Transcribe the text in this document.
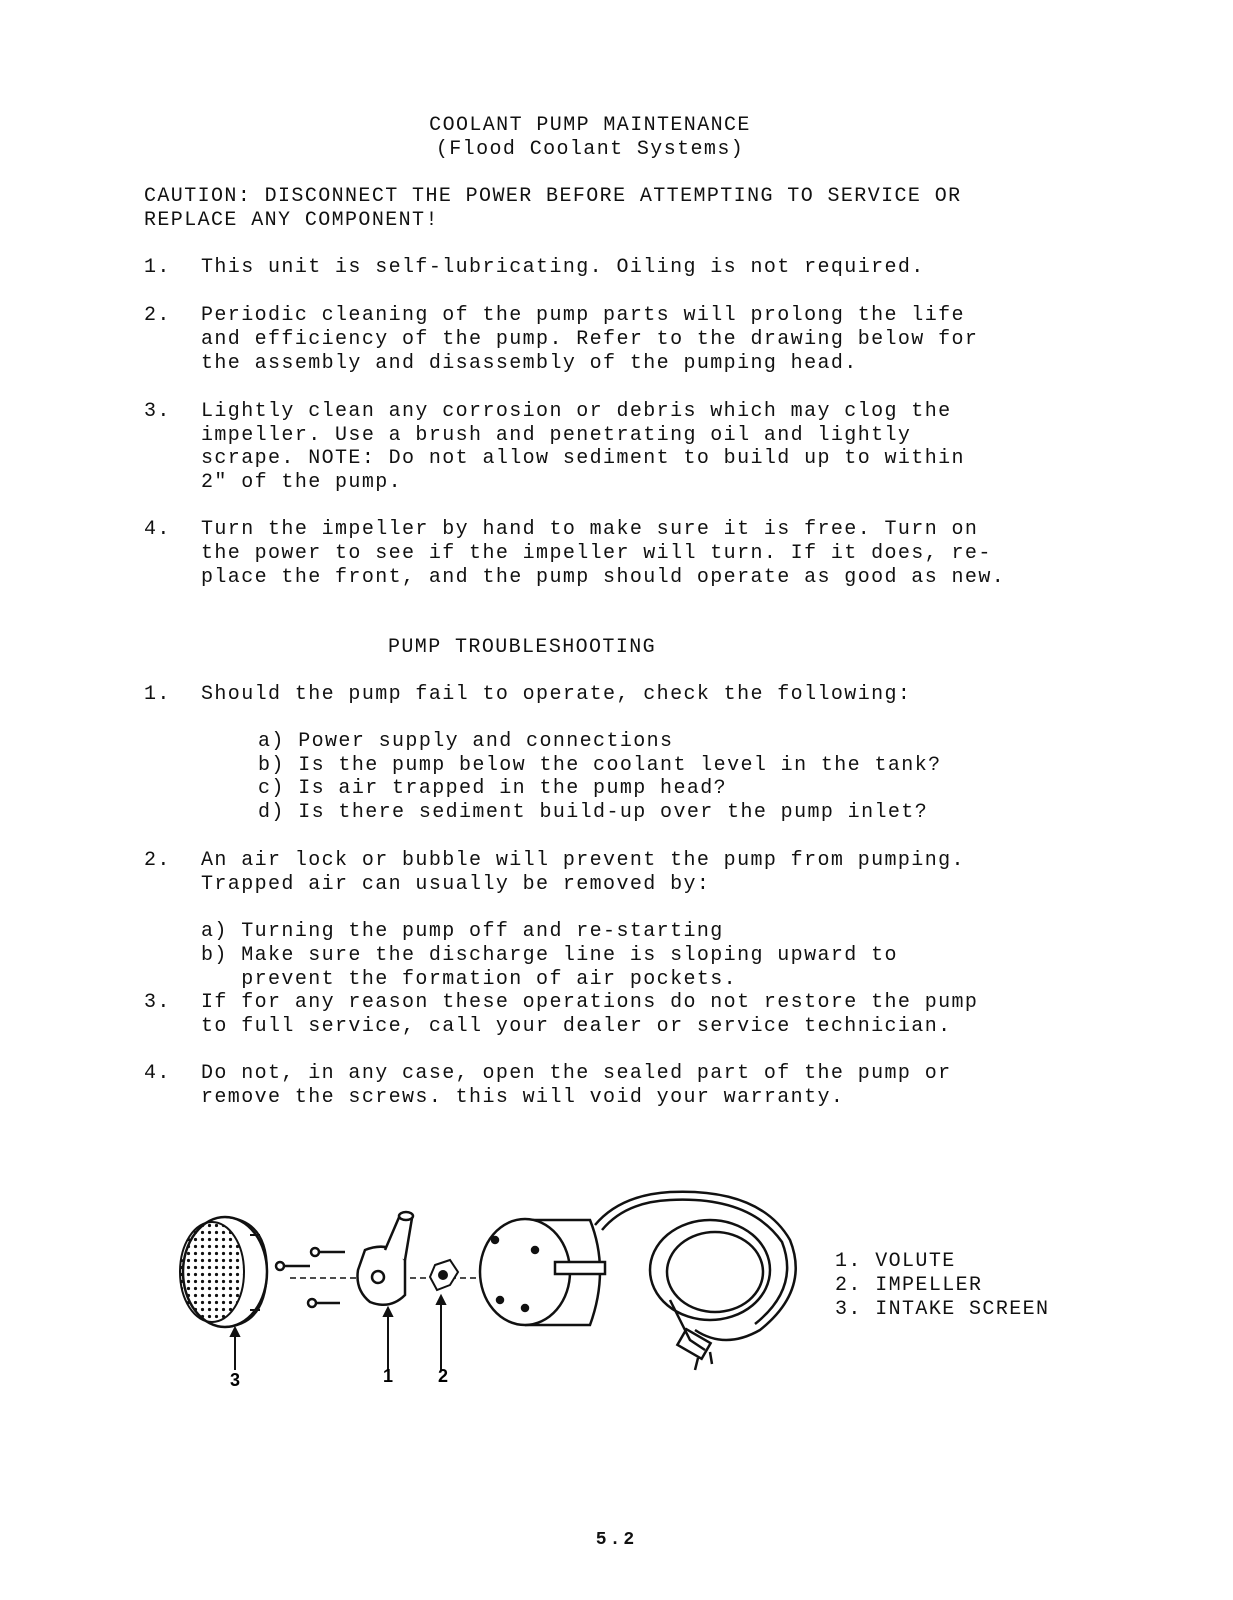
COOLANT PUMP MAINTENANCE
(Flood Coolant Systems)
CAUTION: DISCONNECT THE POWER BEFORE ATTEMPTING TO SERVICE OR
REPLACE ANY COMPONENT!
1.	This unit is self-lubricating. Oiling is not required.
2.	Periodic cleaning of the pump parts will prolong the life
and efficiency of the pump. Refer to the drawing below for
the assembly and disassembly of the pumping head.
3.	Lightly clean any corrosion or debris which may clog the
impeller. Use a brush and penetrating oil and lightly
scrape. NOTE: Do not allow sediment to build up to within
2" of the pump.
4.	Turn the impeller by hand to make sure it is free. Turn on
the power to see if the impeller will turn. If it does, re-
place the front, and the pump should operate as good as new.
PUMP TROUBLESHOOTING
1.	Should the pump fail to operate, check the following:
a) Power supply and connections
b) Is the pump below the coolant level in the tank?
c) Is air trapped in the pump head?
d) Is there sediment build-up over the pump inlet?
2.	An air lock or bubble will prevent the pump from pumping.
Trapped air can usually be removed by:
a) Turning the pump off and re-starting
b) Make sure the discharge line is sloping upward to
prevent the formation of air pockets.
3.	If for any reason these operations do not restore the pump
to full service, call your dealer or service technician.
4.	Do not, in any case, open the sealed part of the pump or
remove the screws. this will void your warranty.
3	1 2
1. VOLUTE
2. IMPELLER
3. INTAKE SCREEN
5.2
